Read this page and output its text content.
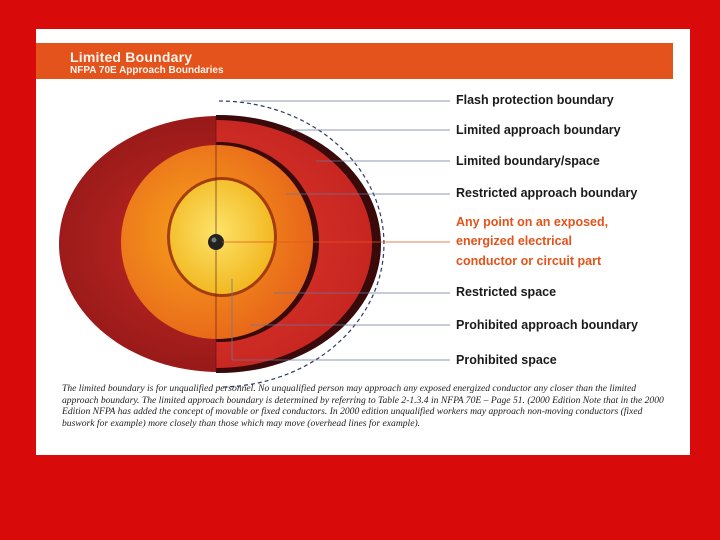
Limited Boundary
NFPA 70E Approach Boundaries
Flash protection boundary
Limited approach boundary
Limited boundary/space
Restricted approach boundary
Any point on an exposed,
energized electrical
conductor or circuit part
Restricted space
Prohibited approach boundary
Prohibited space
The limited boundary is for unqualified personnel. No unqualified person may approach any exposed energized conductor any closer than the limited approach boundary. The limited approach boundary is determined by referring to Table 2-1.3.4 in NFPA 70E – Page 51. (2000 Edition Note that in the 2000 Edition NFPA has added the concept of movable or fixed conductors. In 2000 edition unqualified workers may approach non-moving conductors (fixed buswork for example) more closely than those which may move (overhead lines for example).
